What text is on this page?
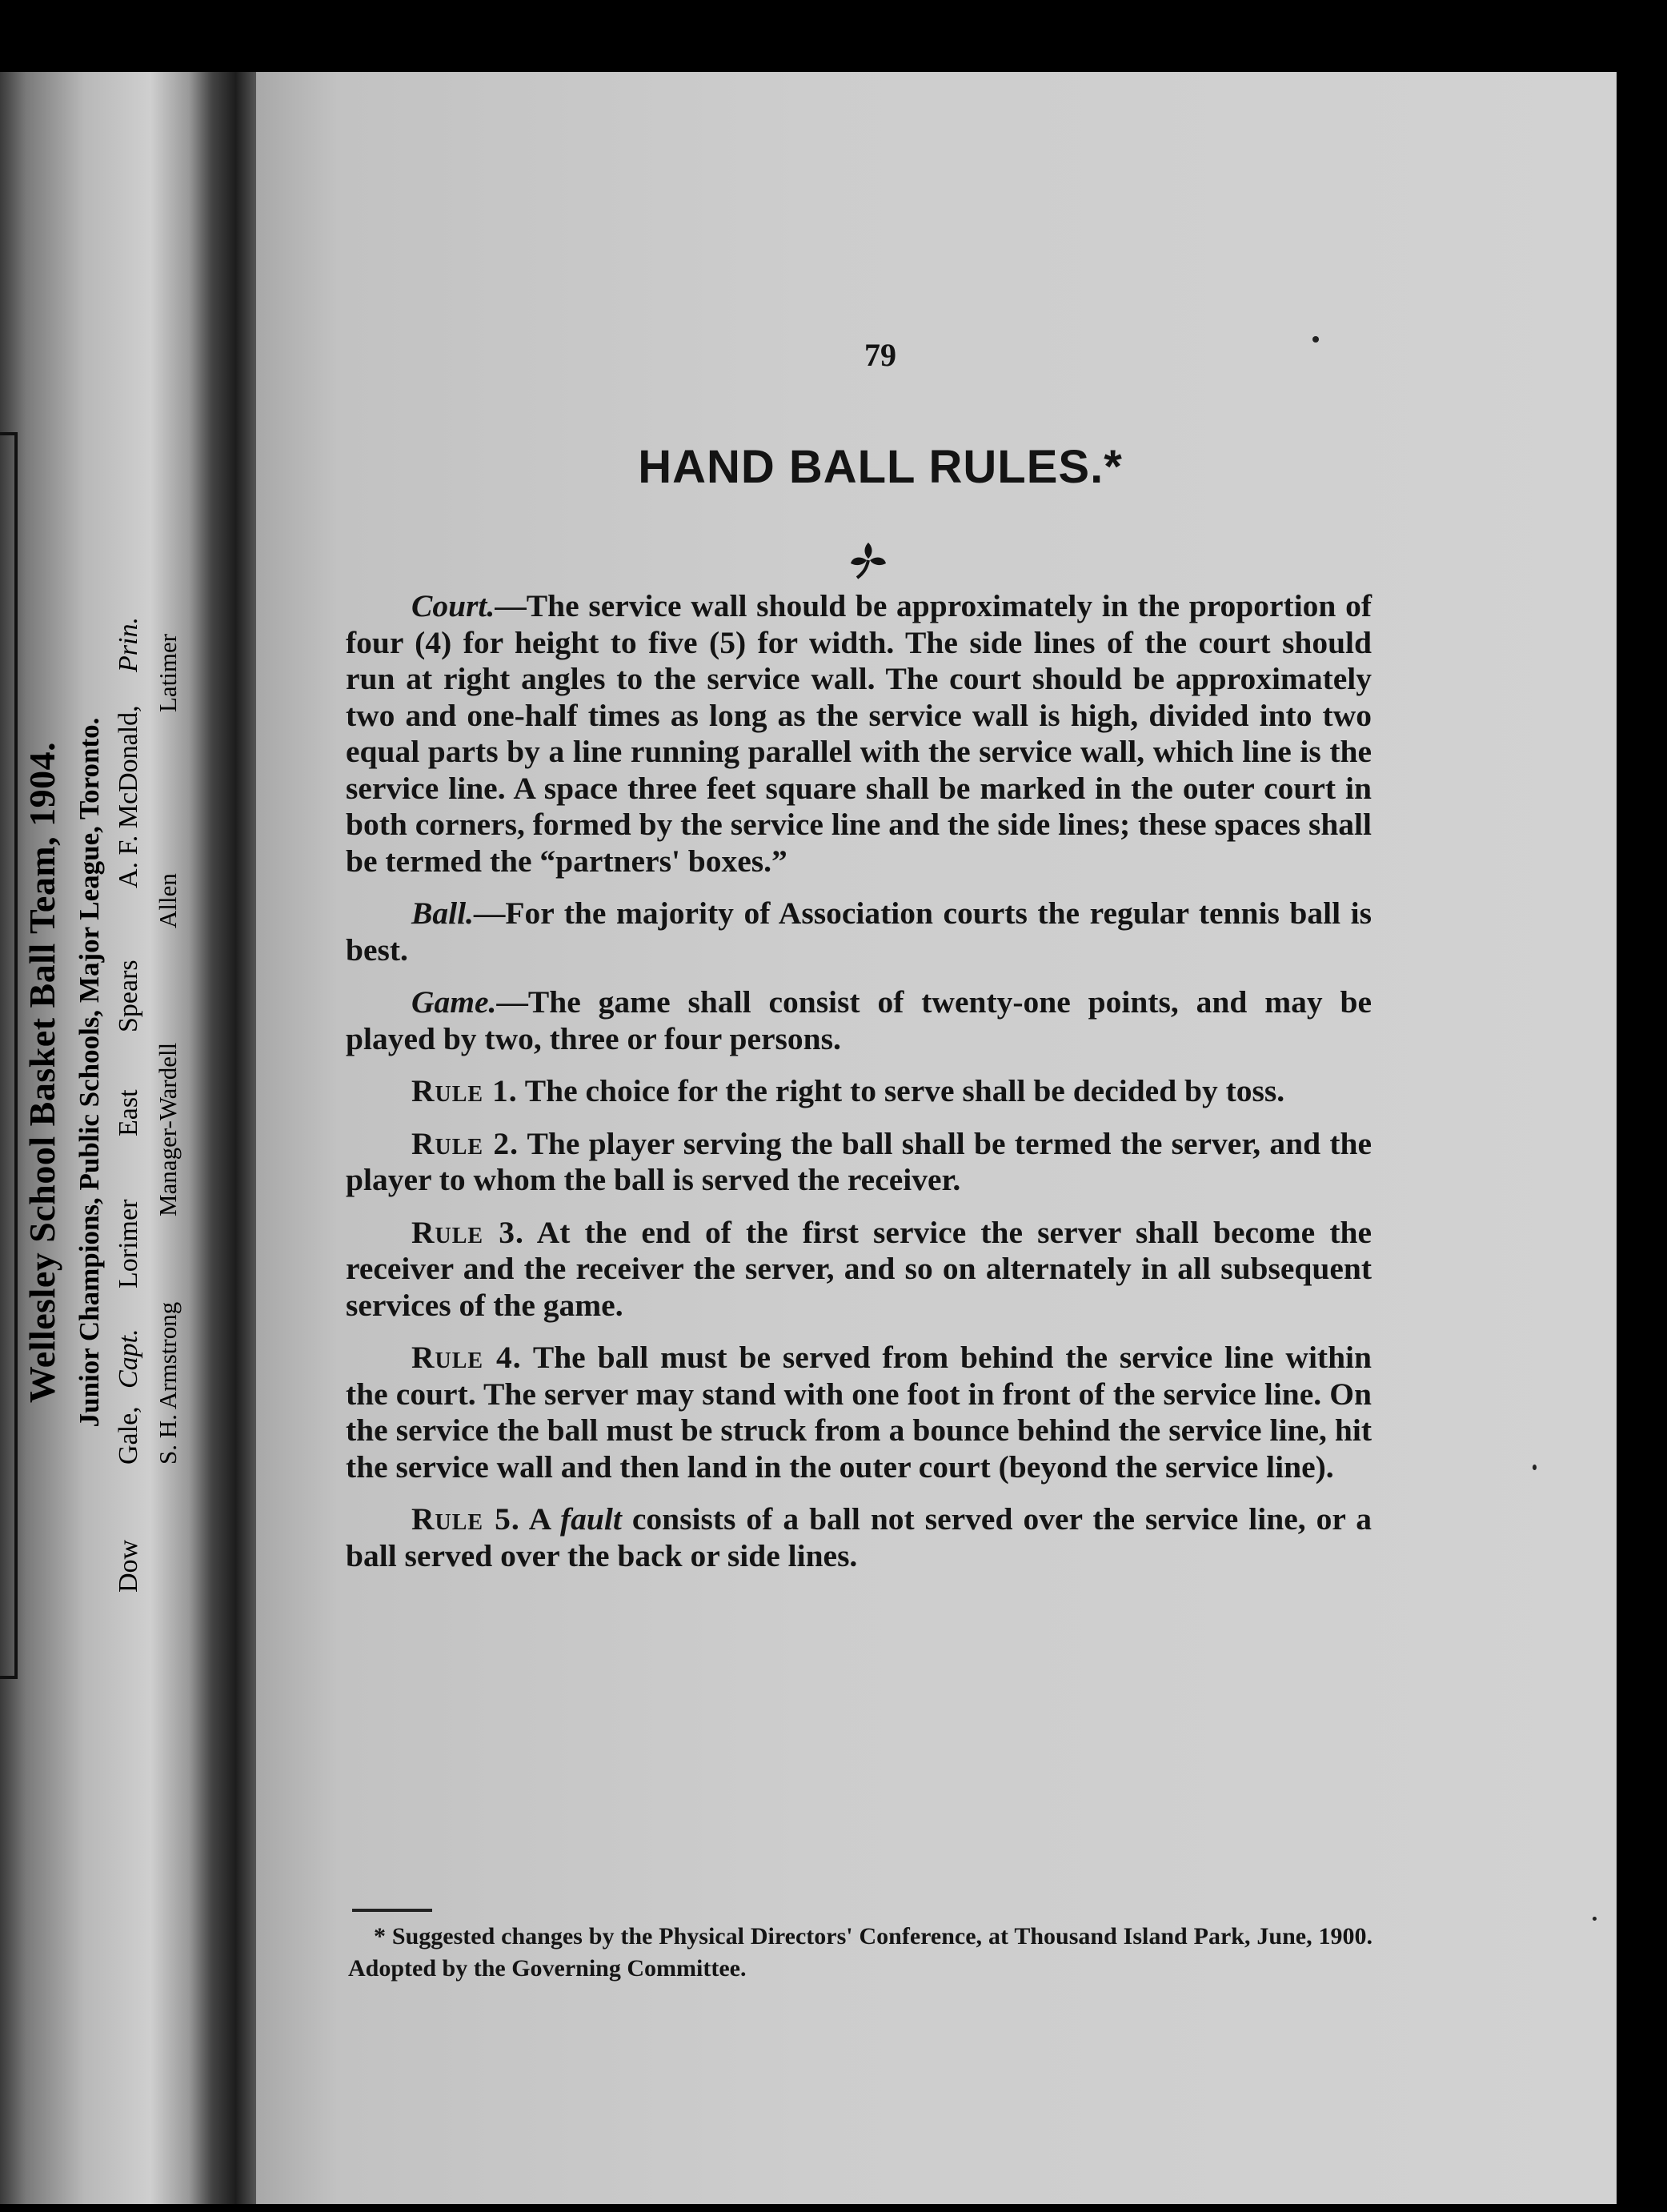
Wellesley School Basket Ball Team, 1904. Junior Champions, Public Schools, Major League, Toronto.
Gale,
Capt.
Lorimer
East
Spears
A. F. McDonald,
Prin.
Dow
S. H. Armstrong
Manager-Wardell
Allen
Latimer
79
HAND BALL RULES.*

Court.—The service wall should be approximately in the proportion of four (4) for height to five (5) for width. The side lines of the court should run at right angles to the service wall. The court should be approximately two and one-half times as long as the service wall is high, divided into two equal parts by a line running parallel with the service wall, which line is the service line. A space three feet square shall be marked in the outer court in both corners, formed by the service line and the side lines; these spaces shall be termed the “partners' boxes.”

Ball.—For the majority of Association courts the regular tennis ball is best.

Game.—The game shall consist of twenty-one points, and may be played by two, three or four persons.

Rule 1. The choice for the right to serve shall be decided by toss.

Rule 2. The player serving the ball shall be termed the server, and the player to whom the ball is served the receiver.

Rule 3. At the end of the first service the server shall become the receiver and the receiver the server, and so on alternately in all subsequent services of the game.

Rule 4. The ball must be served from behind the service line within the court. The server may stand with one foot in front of the service line. On the service the ball must be struck from a bounce behind the service line, hit the service wall and then land in the outer court (beyond the service line).

Rule 5. A fault consists of a ball not served over the service line, or a ball served over the back or side lines.

* Suggested changes by the Physical Directors' Conference, at Thousand Island Park, June, 1900. Adopted by the Governing Committee.
